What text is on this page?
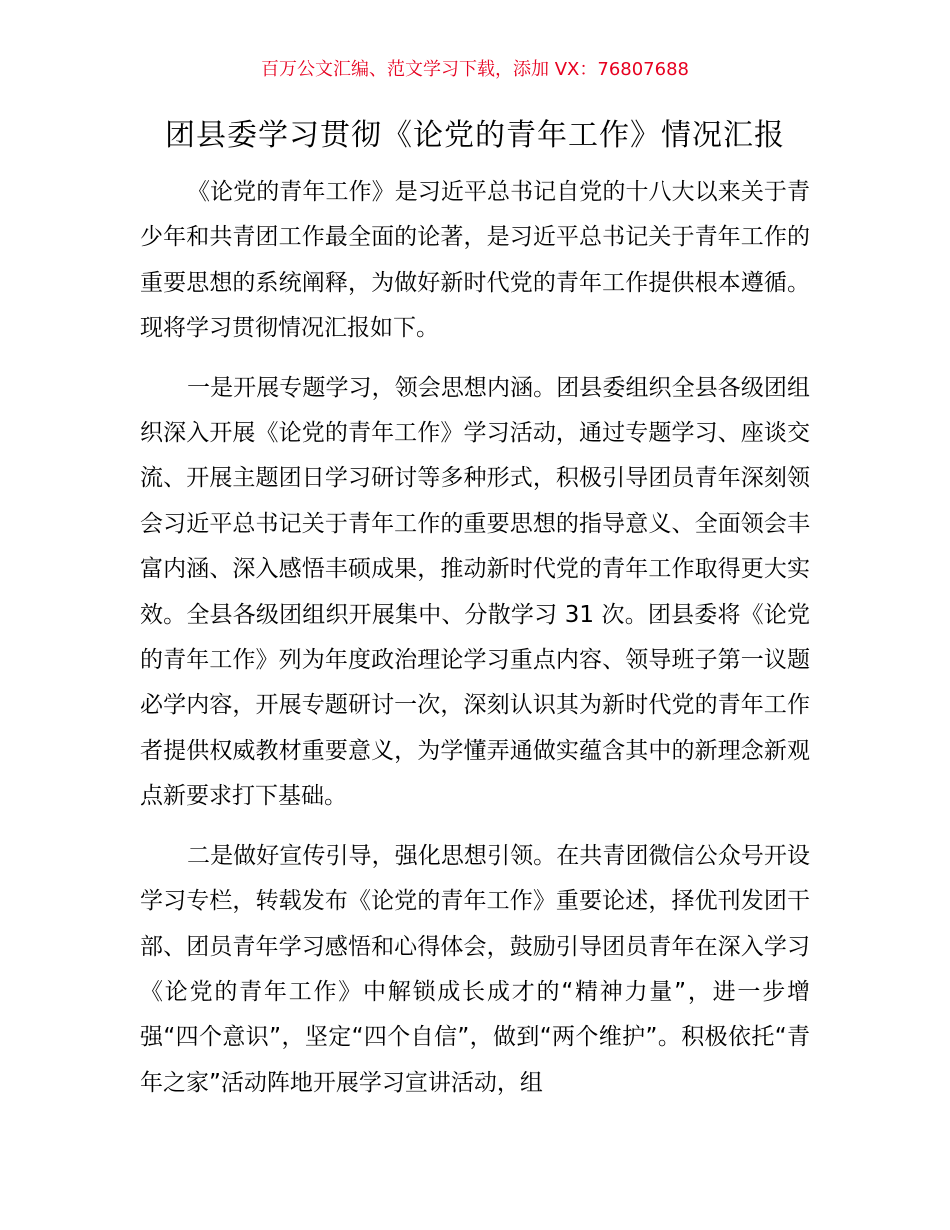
百万公文汇编、范文学习下载，添加 VX：76807688
团县委学习贯彻《论党的青年工作》情况汇报

《论党的青年工作》是习近平总书记自党的十八大以来关于青少年和共青团工作最全面的论著，是习近平总书记关于青年工作的重要思想的系统阐释，为做好新时代党的青年工作提供根本遵循。现将学习贯彻情况汇报如下。

一是开展专题学习，领会思想内涵。团县委组织全县各级团组织深入开展《论党的青年工作》学习活动，通过专题学习、座谈交流、开展主题团日学习研讨等多种形式，积极引导团员青年深刻领会习近平总书记关于青年工作的重要思想的指导意义、全面领会丰富内涵、深入感悟丰硕成果，推动新时代党的青年工作取得更大实效。全县各级团组织开展集中、分散学习 31 次。团县委将《论党的青年工作》列为年度政治理论学习重点内容、领导班子第一议题必学内容，开展专题研讨一次，深刻认识其为新时代党的青年工作者提供权威教材重要意义，为学懂弄通做实蕴含其中的新理念新观点新要求打下基础。

二是做好宣传引导，强化思想引领。在共青团微信公众号开设学习专栏，转载发布《论党的青年工作》重要论述，择优刊发团干部、团员青年学习感悟和心得体会，鼓励引导团员青年在深入学习《论党的青年工作》中解锁成长成才的“精神力量”，进一步增强“四个意识”，坚定“四个自信”，做到“两个维护”。积极依托“青年之家”活动阵地开展学习宣讲活动，组
